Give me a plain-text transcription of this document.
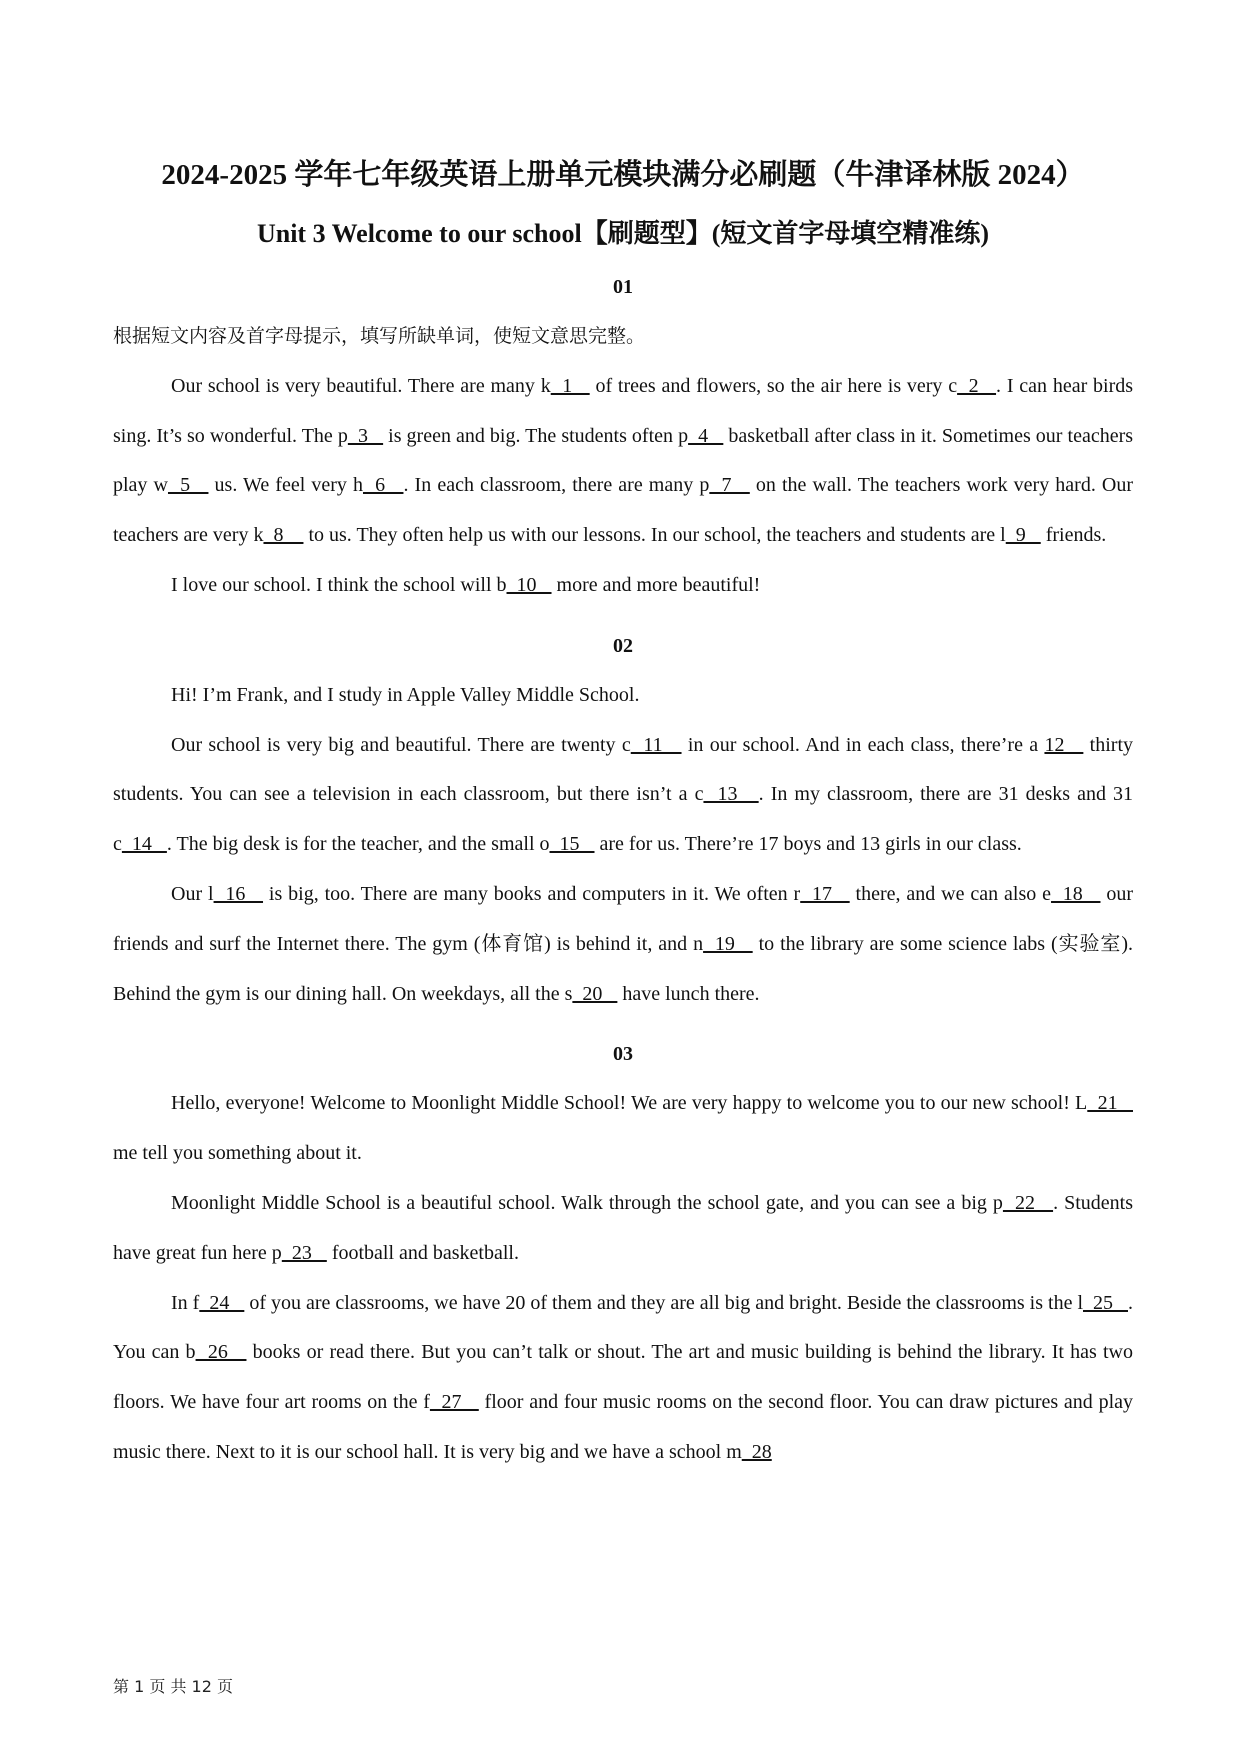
2024-2025 学年七年级英语上册单元模块满分必刷题（牛津译林版 2024）
Unit 3 Welcome to our school【刷题型】(短文首字母填空精准练)
01

根据短文内容及首字母提示，填写所缺单词，使短文意思完整。

Our school is very beautiful. There are many k  1    of trees and flowers, so the air here is very c  2   . I can hear birds sing. It’s so wonderful. The p  3    is green and big. The students often p  4    basketball after class in it. Sometimes our teachers play w  5    us. We feel very h  6   . In each classroom, there are many p  7    on the wall. The teachers work very hard. Our teachers are very k  8     to us. They often help us with our lessons. In our school, the teachers and students are l  9    friends.

I love our school. I think the school will b  10    more and more beautiful!

02

Hi! I’m Frank, and I study in Apple Valley Middle School.

Our school is very big and beautiful. There are twenty c  11    in our school. And in each class, there’re a 12    thirty students. You can see a television in each classroom, but there isn’t a c  13   . In my classroom, there are 31 desks and 31 c  14   . The big desk is for the teacher, and the small o  15    are for us. There’re 17 boys and 13 girls in our class.

Our l  16    is big, too. There are many books and computers in it. We often r  17    there, and we can also e  18    our friends and surf the Internet there. The gym (体育馆) is behind it, and n  19    to the library are some science labs (实验室). Behind the gym is our dining hall. On weekdays, all the s  20    have lunch there.

03

Hello, everyone! Welcome to Moonlight Middle School! We are very happy to welcome you to our new school! L  21    me tell you something about it.

Moonlight Middle School is a beautiful school. Walk through the school gate, and you can see a big p  22   . Students have great fun here p  23    football and basketball.

In f  24    of you are classrooms, we have 20 of them and they are all big and bright. Beside the classrooms is the l  25   . You can b  26    books or read there. But you can’t talk or shout. The art and music building is behind the library. It has two floors. We have four art rooms on the f  27    floor and four music rooms on the second floor. You can draw pictures and play music there. Next to it is our school hall. It is very big and we have a school m  28

第 1 页 共 12 页
